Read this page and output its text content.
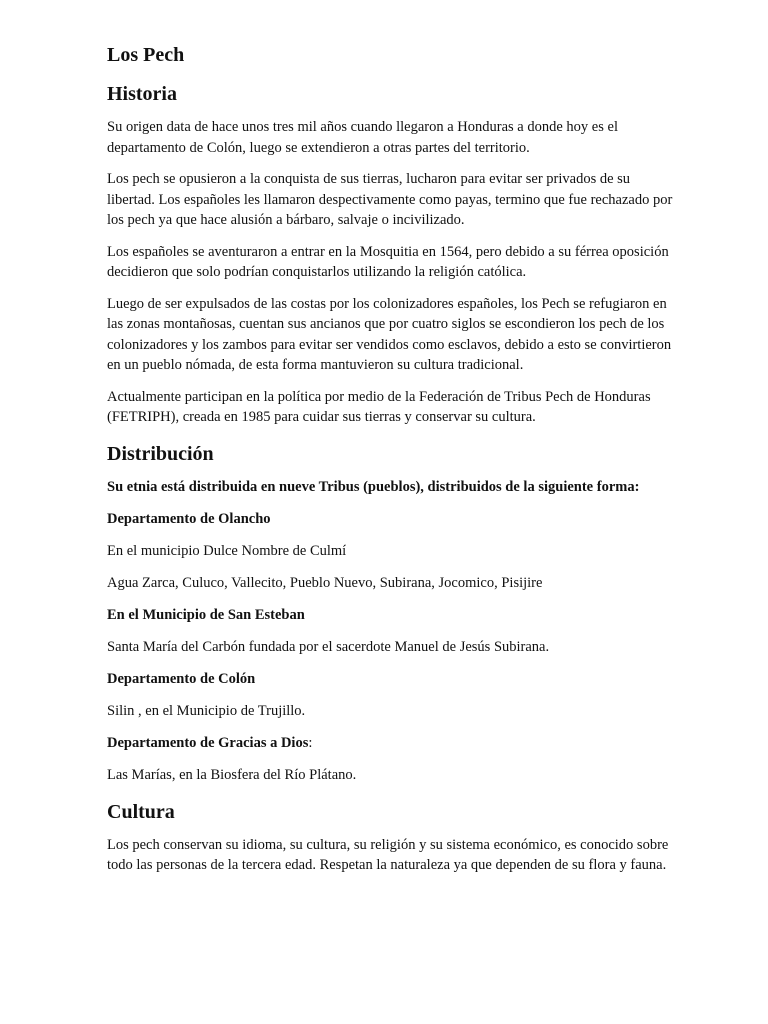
Los Pech
Historia

Su origen data de hace unos tres mil años cuando llegaron a Honduras a donde hoy es el departamento de Colón, luego se extendieron a otras partes del territorio.

Los pech se opusieron a la conquista de sus tierras, lucharon para evitar ser privados de su libertad. Los españoles les llamaron despectivamente como payas, termino que fue rechazado por los pech ya que hace alusión a bárbaro, salvaje o incivilizado.

Los españoles se aventuraron a entrar en la Mosquitia en 1564, pero debido a su férrea oposición decidieron que solo podrían conquistarlos utilizando la religión católica.

Luego de ser expulsados de las costas por los colonizadores españoles, los Pech se refugiaron en las zonas montañosas, cuentan sus ancianos que por cuatro siglos se escondieron los pech de los colonizadores y los zambos para evitar ser vendidos como esclavos, debido a esto se convirtieron en un pueblo nómada, de esta forma mantuvieron su cultura tradicional.

Actualmente participan en la política por medio de la Federación de Tribus Pech de Honduras (FETRIPH), creada en 1985 para cuidar sus tierras y conservar su cultura.

Distribución

Su etnia está distribuida en nueve Tribus (pueblos), distribuidos de la siguiente forma:

Departamento de Olancho

En el municipio Dulce Nombre de Culmí

Agua Zarca, Culuco, Vallecito, Pueblo Nuevo, Subirana, Jocomico, Pisijire

En el Municipio de San Esteban

Santa María del Carbón fundada por el sacerdote Manuel de Jesús Subirana.

Departamento de Colón

Silin , en el Municipio de Trujillo.

Departamento de Gracias a Dios:

Las Marías, en la Biosfera del Río Plátano.

Cultura

Los pech conservan su idioma, su cultura, su religión y su sistema económico, es conocido sobre todo las personas de la tercera edad. Respetan la naturaleza ya que dependen de su flora y fauna.
